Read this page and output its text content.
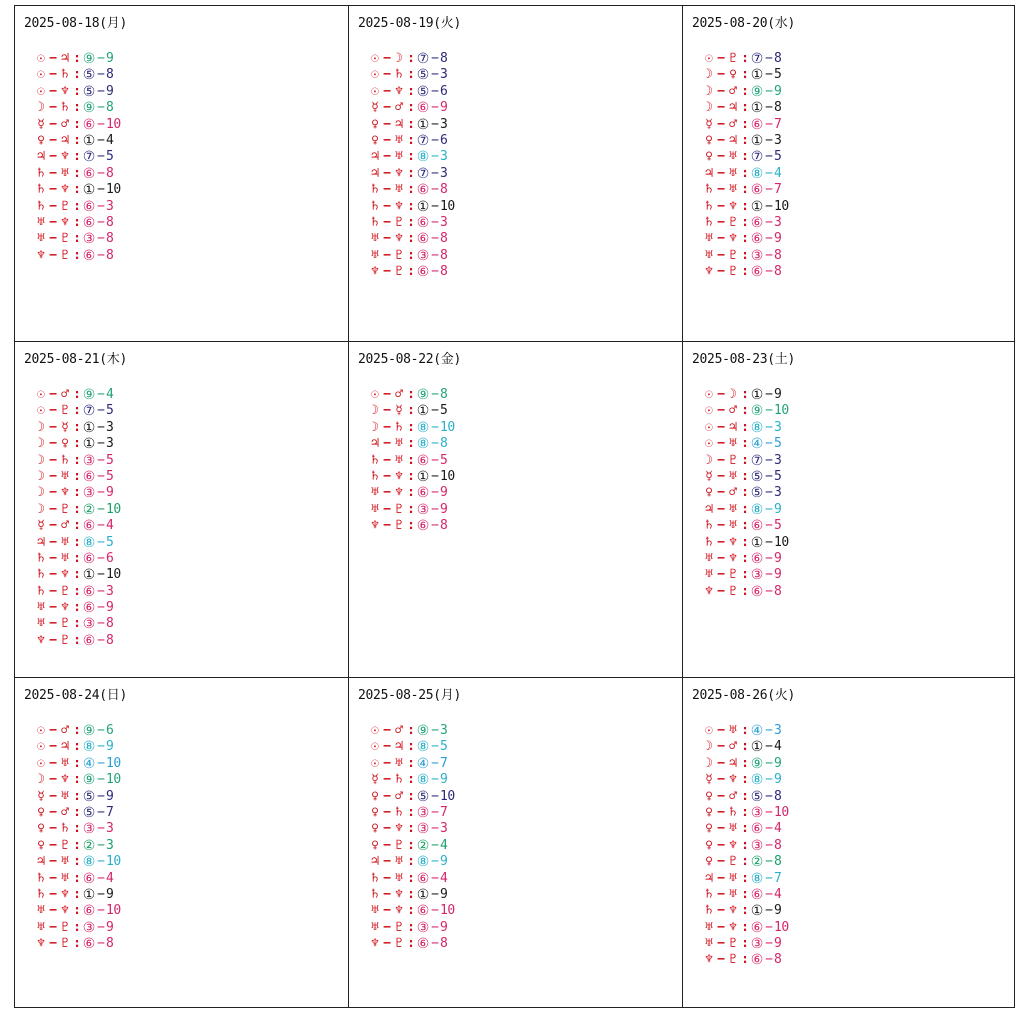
2025-08-18(月)
☉ − ♃ : ⑨ − 9
☉ − ♄ : ⑤ − 8
☉ − ♆ : ⑤ − 9
☽ − ♄ : ⑨ − 8
☿ − ♂ : ⑥ − 10
♀ − ♃ : ① − 4
♃ − ♆ : ⑦ − 5
♄ − ♅ : ⑥ − 8
♄ − ♆ : ① − 10
♄ − ♇ : ⑥ − 3
♅ − ♆ : ⑥ − 8
♅ − ♇ : ③ − 8
♆ − ♇ : ⑥ − 8
2025-08-19(火)
☉ − ☽ : ⑦ − 8
☉ − ♄ : ⑤ − 3
☉ − ♆ : ⑤ − 6
☿ − ♂ : ⑥ − 9
♀ − ♃ : ① − 3
♀ − ♅ : ⑦ − 6
♃ − ♅ : ⑧ − 3
♃ − ♆ : ⑦ − 3
♄ − ♅ : ⑥ − 8
♄ − ♆ : ① − 10
♄ − ♇ : ⑥ − 3
♅ − ♆ : ⑥ − 8
♅ − ♇ : ③ − 8
♆ − ♇ : ⑥ − 8
2025-08-20(水)
☉ − ♇ : ⑦ − 8
☽ − ♀ : ① − 5
☽ − ♂ : ⑨ − 9
☽ − ♃ : ① − 8
☿ − ♂ : ⑥ − 7
♀ − ♃ : ① − 3
♀ − ♅ : ⑦ − 5
♃ − ♅ : ⑧ − 4
♄ − ♅ : ⑥ − 7
♄ − ♆ : ① − 10
♄ − ♇ : ⑥ − 3
♅ − ♆ : ⑥ − 9
♅ − ♇ : ③ − 8
♆ − ♇ : ⑥ − 8
2025-08-21(木)
☉ − ♂ : ⑨ − 4
☉ − ♇ : ⑦ − 5
☽ − ☿ : ① − 3
☽ − ♀ : ① − 3
☽ − ♄ : ③ − 5
☽ − ♅ : ⑥ − 5
☽ − ♆ : ③ − 9
☽ − ♇ : ② − 10
☿ − ♂ : ⑥ − 4
♃ − ♅ : ⑧ − 5
♄ − ♅ : ⑥ − 6
♄ − ♆ : ① − 10
♄ − ♇ : ⑥ − 3
♅ − ♆ : ⑥ − 9
♅ − ♇ : ③ − 8
♆ − ♇ : ⑥ − 8
2025-08-22(金)
☉ − ♂ : ⑨ − 8
☽ − ☿ : ① − 5
☽ − ♄ : ⑧ − 10
♃ − ♅ : ⑧ − 8
♄ − ♅ : ⑥ − 5
♄ − ♆ : ① − 10
♅ − ♆ : ⑥ − 9
♅ − ♇ : ③ − 9
♆ − ♇ : ⑥ − 8
2025-08-23(土)
☉ − ☽ : ① − 9
☉ − ♂ : ⑨ − 10
☉ − ♃ : ⑧ − 3
☉ − ♅ : ④ − 5
☽ − ♇ : ⑦ − 3
☿ − ♅ : ⑤ − 5
♀ − ♂ : ⑤ − 3
♃ − ♅ : ⑧ − 9
♄ − ♅ : ⑥ − 5
♄ − ♆ : ① − 10
♅ − ♆ : ⑥ − 9
♅ − ♇ : ③ − 9
♆ − ♇ : ⑥ − 8
2025-08-24(日)
☉ − ♂ : ⑨ − 6
☉ − ♃ : ⑧ − 9
☉ − ♅ : ④ − 10
☽ − ♆ : ⑨ − 10
☿ − ♅ : ⑤ − 9
♀ − ♂ : ⑤ − 7
♀ − ♄ : ③ − 3
♀ − ♇ : ② − 3
♃ − ♅ : ⑧ − 10
♄ − ♅ : ⑥ − 4
♄ − ♆ : ① − 9
♅ − ♆ : ⑥ − 10
♅ − ♇ : ③ − 9
♆ − ♇ : ⑥ − 8
2025-08-25(月)
☉ − ♂ : ⑨ − 3
☉ − ♃ : ⑧ − 5
☉ − ♅ : ④ − 7
☿ − ♄ : ⑧ − 9
♀ − ♂ : ⑤ − 10
♀ − ♄ : ③ − 7
♀ − ♆ : ③ − 3
♀ − ♇ : ② − 4
♃ − ♅ : ⑧ − 9
♄ − ♅ : ⑥ − 4
♄ − ♆ : ① − 9
♅ − ♆ : ⑥ − 10
♅ − ♇ : ③ − 9
♆ − ♇ : ⑥ − 8
2025-08-26(火)
☉ − ♅ : ④ − 3
☽ − ♂ : ① − 4
☽ − ♃ : ⑨ − 9
☿ − ♆ : ⑧ − 9
♀ − ♂ : ⑤ − 8
♀ − ♄ : ③ − 10
♀ − ♅ : ⑥ − 4
♀ − ♆ : ③ − 8
♀ − ♇ : ② − 8
♃ − ♅ : ⑧ − 7
♄ − ♅ : ⑥ − 4
♄ − ♆ : ① − 9
♅ − ♆ : ⑥ − 10
♅ − ♇ : ③ − 9
♆ − ♇ : ⑥ − 8
